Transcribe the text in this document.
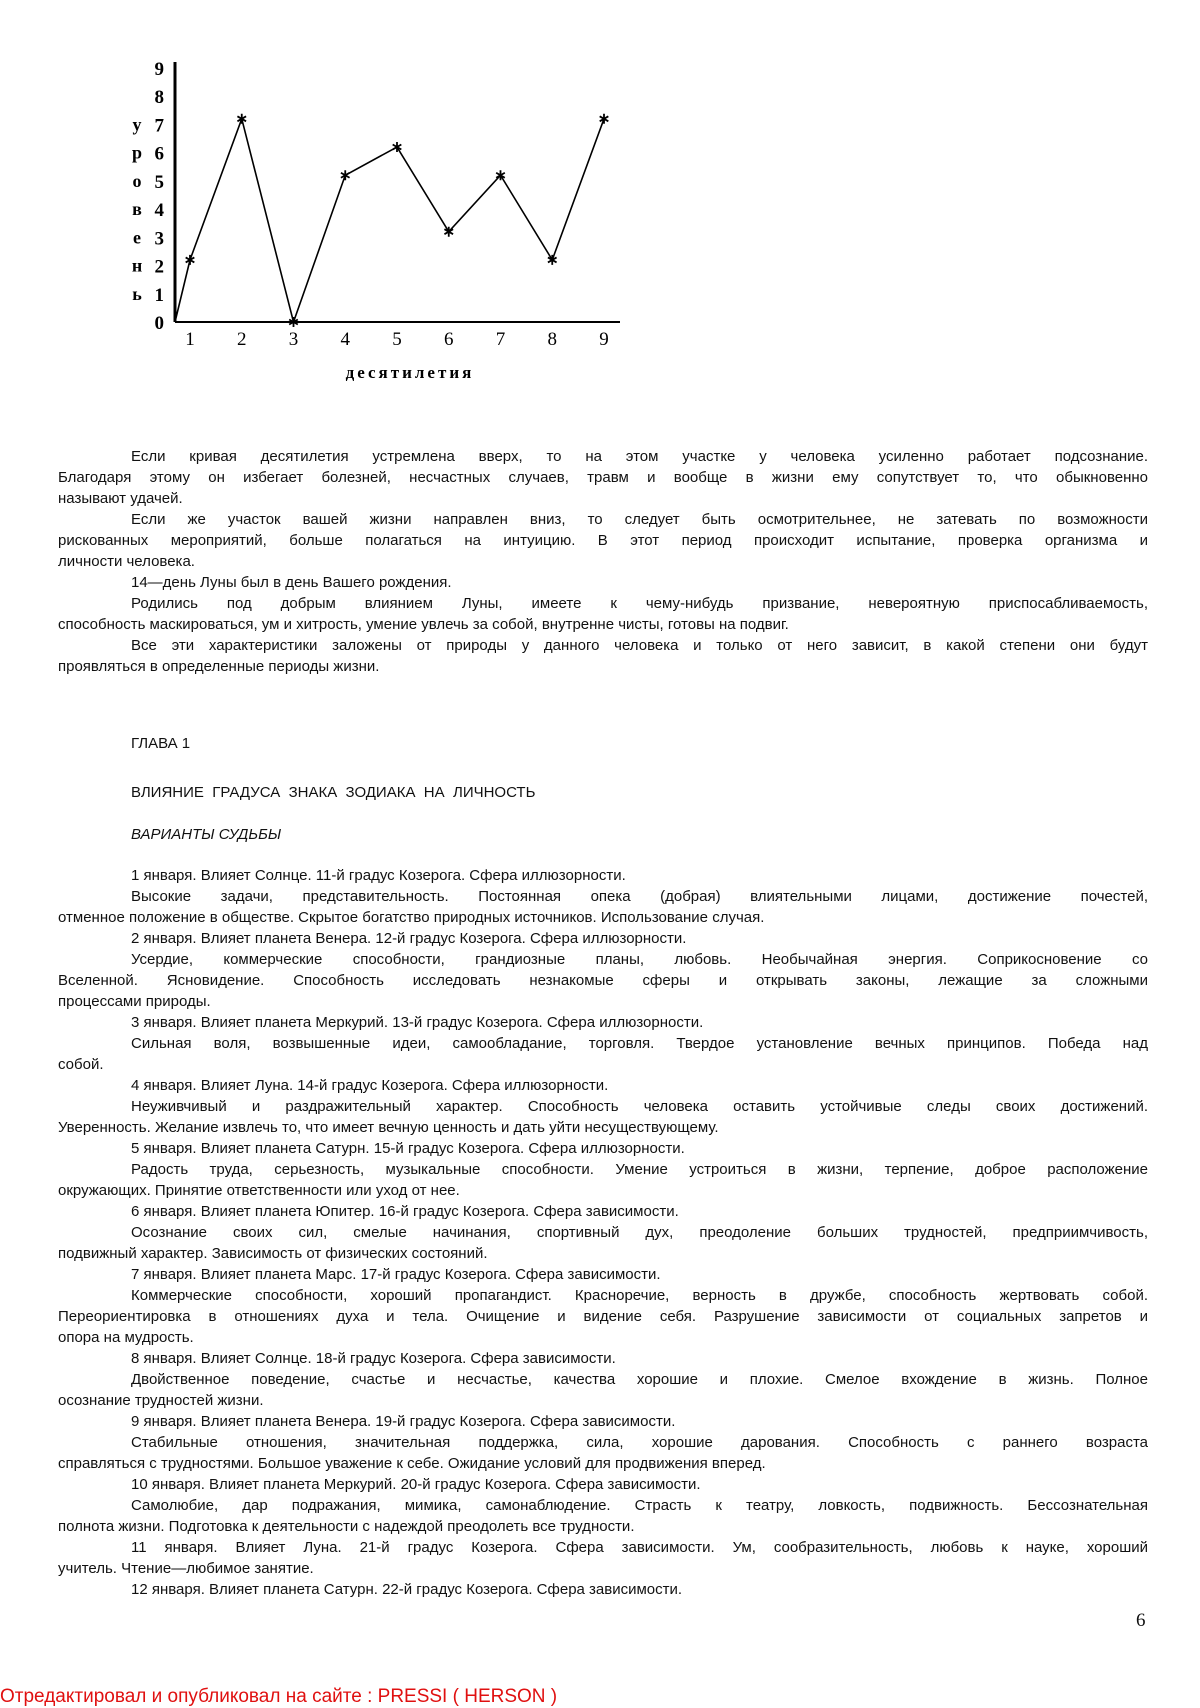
0
1
2
3
4
5
6
7
8
9
у
р
о
в
е
н
ь
1 2 3 4 5 6 7 8 9
десятилетия
Если кривая десятилетия устремлена вверх, то на этом участке у человека усиленно работает подсознание.
Благодаря этому он избегает болезней, несчастных случаев, травм и вообще в жизни ему сопутствует то, что обыкновенно
называют удачей.
Если же участок вашей жизни направлен вниз, то следует быть осмотрительнее, не затевать по возможности
рискованных мероприятий, больше полагаться на интуицию. В этот период происходит испытание, проверка организма и
личности человека.
14—день Луны был в день Вашего рождения.
Родились под добрым влиянием Луны, имеете к чему-нибудь призвание, невероятную приспосабливаемость,
способность маскироваться, ум и хитрость, умение увлечь за собой, внутренне чисты, готовы на подвиг.
Все эти характеристики заложены от природы у данного человека и только от него зависит, в какой степени они будут
проявляться в определенные периоды жизни.
ГЛАВА 1
ВЛИЯНИЕ  ГРАДУСА  ЗНАКА  ЗОДИАКА  НА  ЛИЧНОСТЬ
ВАРИАНТЫ СУДЬБЫ
1 января. Влияет Солнце. 11-й градус Козерога. Сфера иллюзорности.
Высокие задачи, представительность. Постоянная опека (добрая) влиятельными лицами, достижение почестей,
отменное положение в обществе. Скрытое богатство природных источников. Использование случая.
2 января. Влияет планета Венера. 12-й градус Козерога. Сфера иллюзорности.
Усердие, коммерческие способности, грандиозные планы, любовь. Необычайная энергия. Соприкосновение со
Вселенной. Ясновидение. Способность исследовать незнакомые сферы и открывать законы, лежащие за сложными
процессами природы.
3 января. Влияет планета Меркурий. 13-й градус Козерога. Сфера иллюзорности.
Сильная воля, возвышенные идеи, самообладание, торговля. Твердое установление вечных принципов. Победа над
собой.
4 января. Влияет Луна. 14-й градус Козерога. Сфера иллюзорности.
Неуживчивый и раздражительный характер. Способность человека оставить устойчивые следы своих достижений.
Уверенность. Желание извлечь то, что имеет вечную ценность и дать уйти несуществующему.
5 января. Влияет планета Сатурн. 15-й градус Козерога. Сфера иллюзорности.
Радость труда, серьезность, музыкальные способности. Умение устроиться в жизни, терпение, доброе расположение
окружающих. Принятие ответственности или уход от нее.
6 января. Влияет планета Юпитер. 16-й градус Козерога. Сфера зависимости.
Осознание своих сил, смелые начинания, спортивный дух, преодоление больших трудностей, предприимчивость,
подвижный характер. Зависимость от физических состояний.
7 января. Влияет планета Марс. 17-й градус Козерога. Сфера зависимости.
Коммерческие способности, хороший пропагандист. Красноречие, верность в дружбе, способность жертвовать собой.
Переориентировка в отношениях духа и тела. Очищение и видение себя. Разрушение зависимости от социальных запретов и
опора на мудрость.
8 января. Влияет Солнце. 18-й градус Козерога. Сфера зависимости.
Двойственное поведение, счастье и несчастье, качества хорошие и плохие. Смелое вхождение в жизнь. Полное
осознание трудностей жизни.
9 января. Влияет планета Венера. 19-й градус Козерога. Сфера зависимости.
Стабильные отношения, значительная поддержка, сила, хорошие дарования. Способность с раннего возраста
справляться с трудностями. Большое уважение к себе. Ожидание условий для продвижения вперед.
10 января. Влияет планета Меркурий. 20-й градус Козерога. Сфера зависимости.
Самолюбие, дар подражания, мимика, самонаблюдение. Страсть к театру, ловкость, подвижность. Бессознательная
полнота жизни. Подготовка к деятельности с надеждой преодолеть все трудности.
11 января. Влияет Луна. 21-й градус Козерога. Сфера зависимости. Ум, сообразительность, любовь к науке, хороший
учитель. Чтение—любимое занятие.
12 января. Влияет планета Сатурн. 22-й градус Козерога. Сфера зависимости.
6
Отредактировал и опубликовал на сайте : PRESSI ( HERSON )
